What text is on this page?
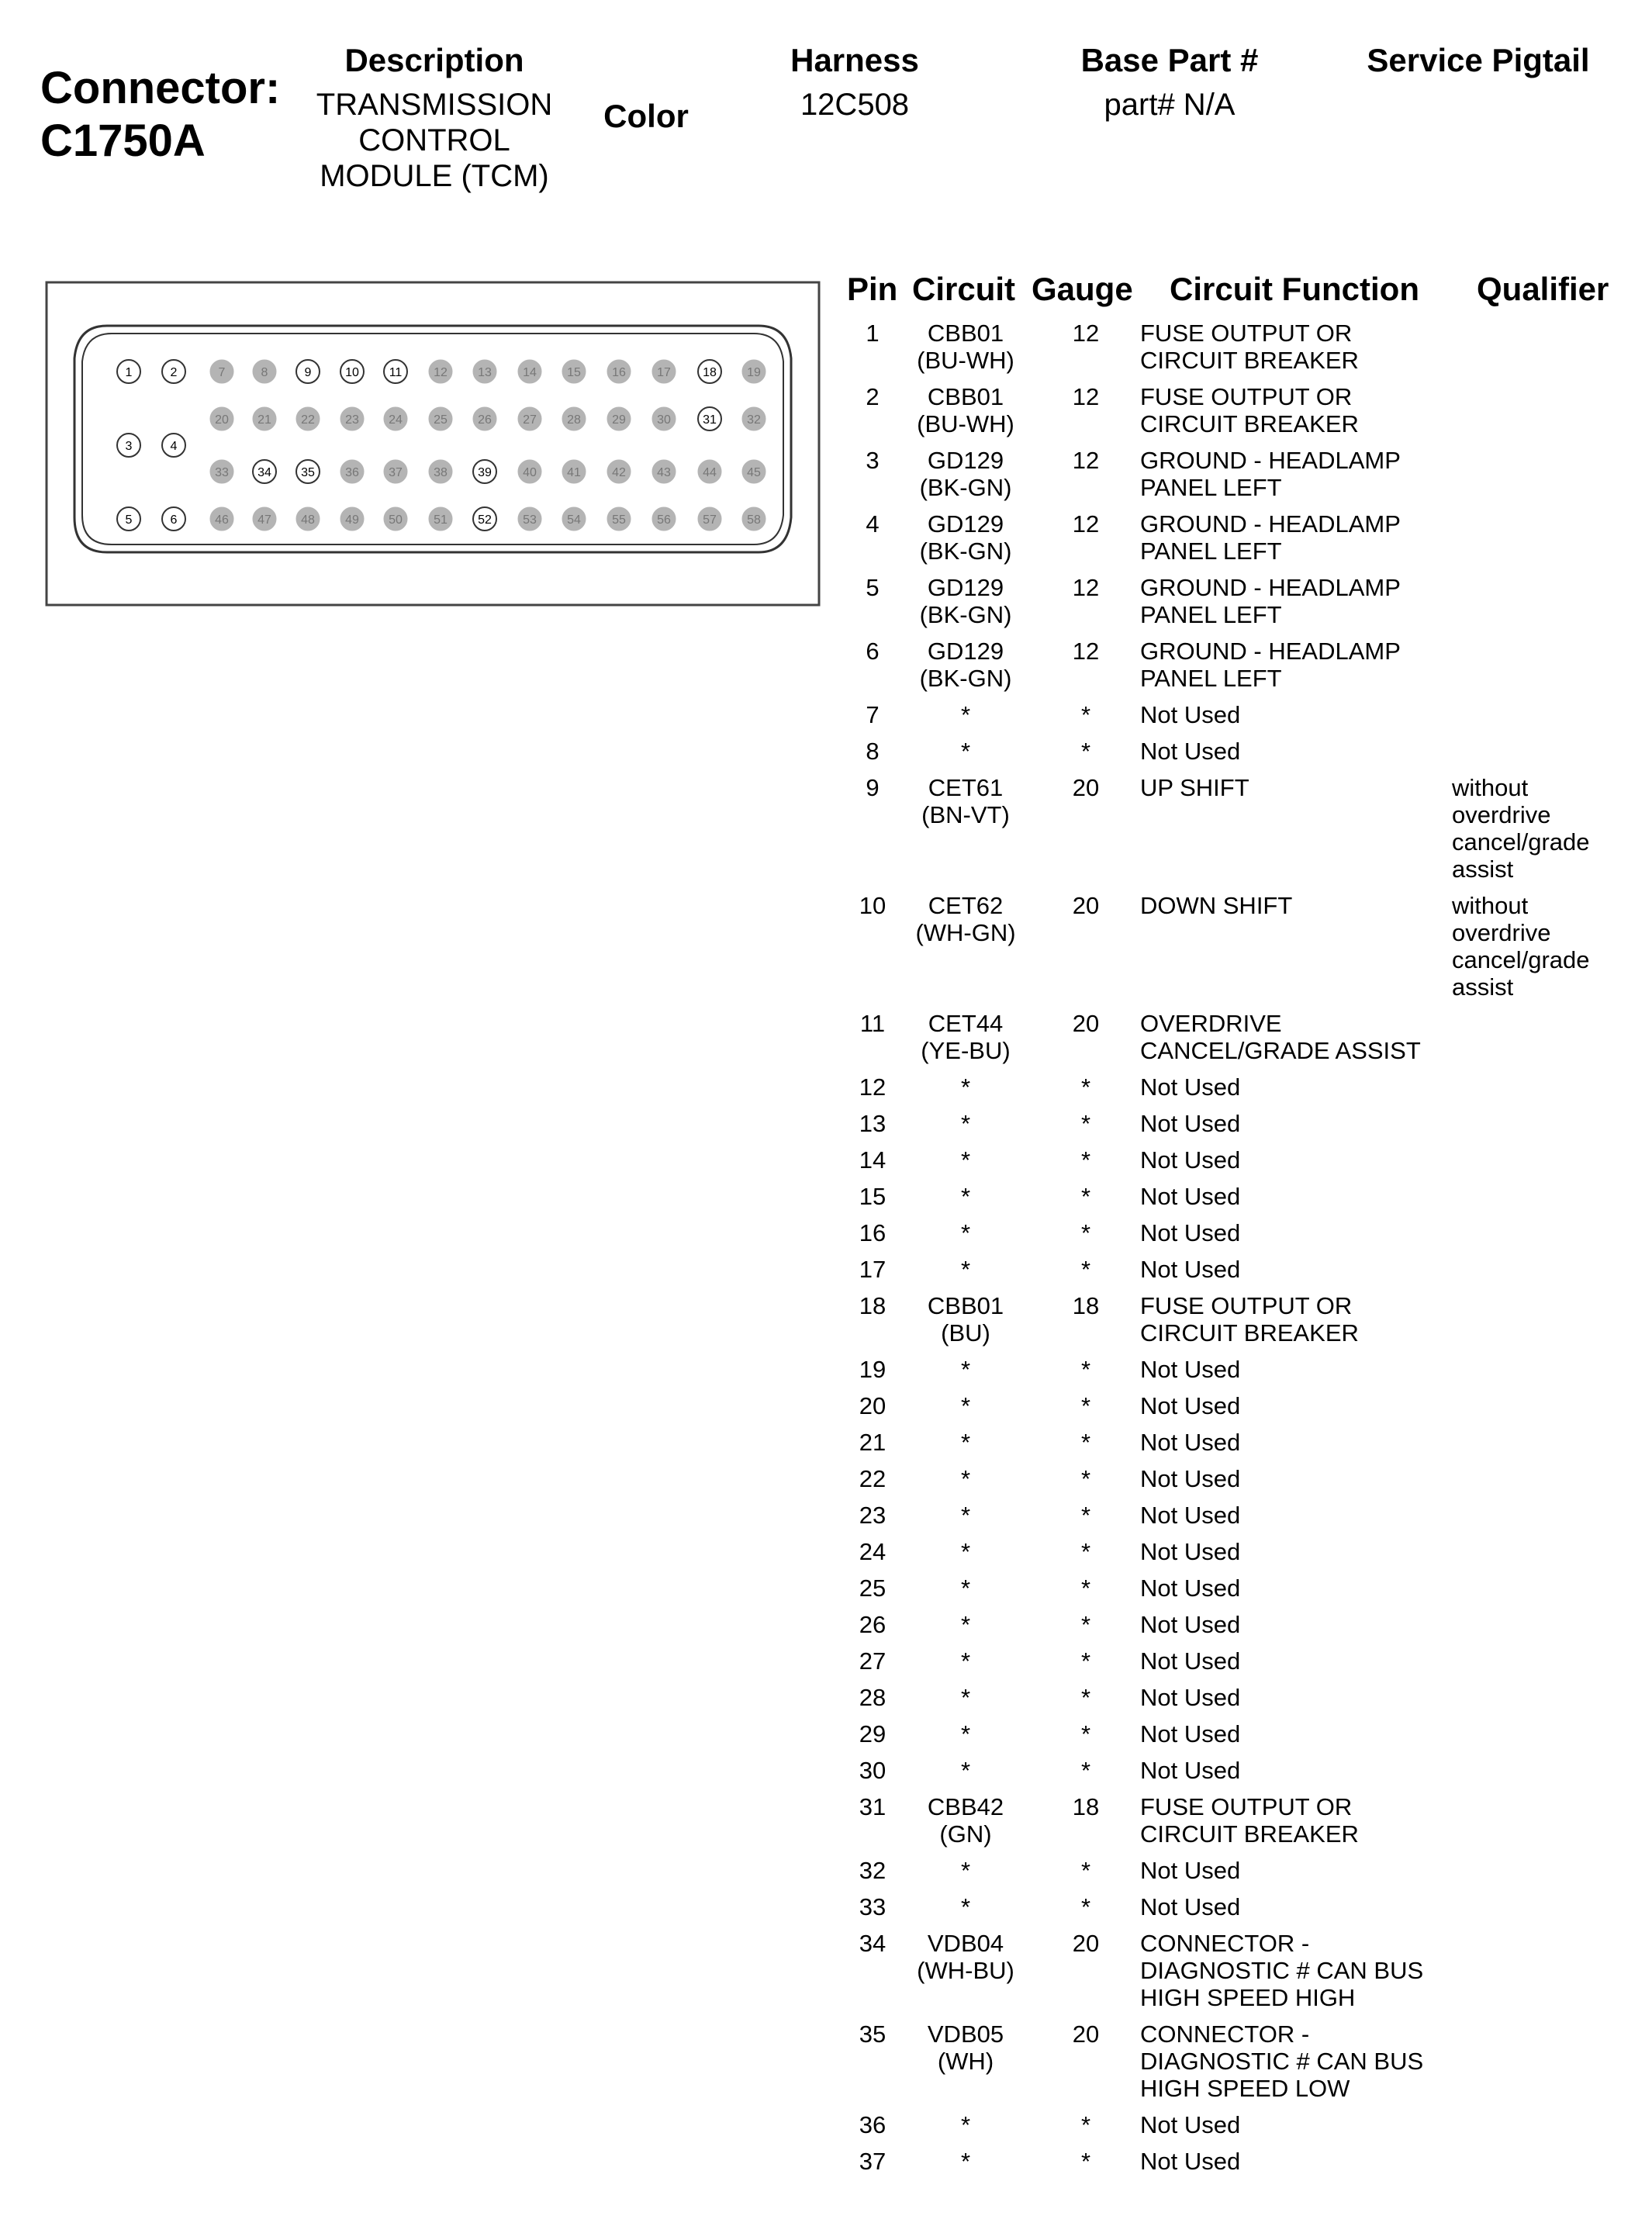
Connector:
C1750A
Description
TRANSMISSION
CONTROL
MODULE (TCM)
Color
Harness
12C508
Base Part #
part# N/A
Service Pigtail
1	2	7	8	9	10 11	12 13	14 15	16	17	18 19
3	4
20 21 22 23 24	25 26	27 28	29	30	31 32
33 34 35 36 37	38 39	40 41	42	43	44 45
5	6	46 47 48 49 50	51 52	53 54	55	56	57 58
Pin Circuit Gauge Circuit Function Qualifier
1	CBB01
(BU-WH)
12	FUSE OUTPUT OR
CIRCUIT BREAKER
2	CBB01
(BU-WH)
12	FUSE OUTPUT OR
CIRCUIT BREAKER
3	GD129
(BK-GN)
12	GROUND - HEADLAMP
PANEL LEFT
4	GD129
(BK-GN)
12	GROUND - HEADLAMP
PANEL LEFT
5	GD129
(BK-GN)
12	GROUND - HEADLAMP
PANEL LEFT
6	GD129
(BK-GN)
12	GROUND - HEADLAMP
PANEL LEFT
7	*	*	Not Used
8	*	*	Not Used
9	CET61
(BN-VT)
20	UP SHIFT	without
overdrive
cancel/grade
assist
10	CET62
(WH-GN)
20	DOWN SHIFT	without
overdrive
cancel/grade
assist
11	CET44
(YE-BU)
20	OVERDRIVE
CANCEL/GRADE ASSIST
12	*	*	Not Used
13	*	*	Not Used
14	*	*	Not Used
15	*	*	Not Used
16	*	*	Not Used
17	*	*	Not Used
18	CBB01
(BU)
18	FUSE OUTPUT OR
CIRCUIT BREAKER
19	*	*	Not Used
20	*	*	Not Used
21	*	*	Not Used
22	*	*	Not Used
23	*	*	Not Used
24	*	*	Not Used
25	*	*	Not Used
26	*	*	Not Used
27	*	*	Not Used
28	*	*	Not Used
29	*	*	Not Used
30	*	*	Not Used
31	CBB42
(GN)
18	FUSE OUTPUT OR
CIRCUIT BREAKER
32	*	*	Not Used
33	*	*	Not Used
34	VDB04
(WH-BU)
20	CONNECTOR -
DIAGNOSTIC # CAN BUS
HIGH SPEED HIGH
35	VDB05
(WH)
20	CONNECTOR -
DIAGNOSTIC # CAN BUS
HIGH SPEED LOW
36	*	*	Not Used
37	*	*	Not Used
